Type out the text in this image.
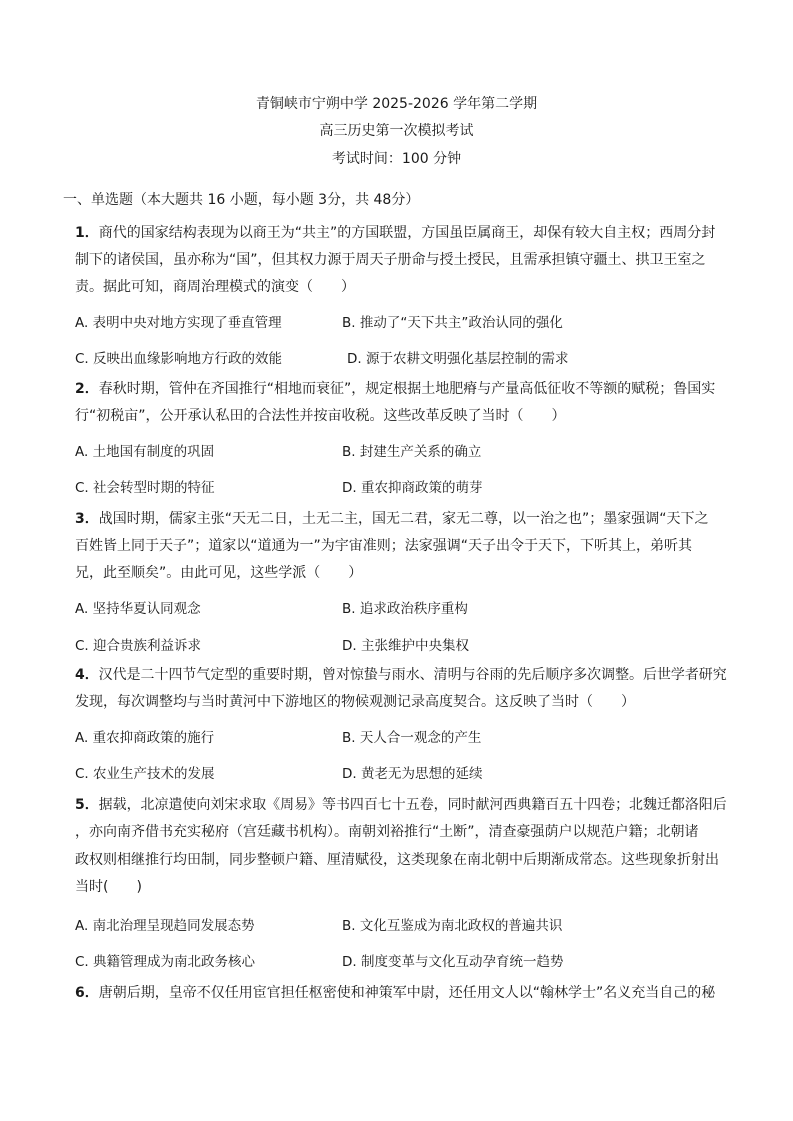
青铜峡市宁朔中学 2025-2026 学年第二学期
高三历史第一次模拟考试
考试时间：100 分钟
一、单选题（本大题共 16 小题，每小题 3分，共 48分）
1．商代的国家结构表现为以商王为“共主”的方国联盟，方国虽臣属商王，却保有较大自主权；西周分封
制下的诸侯国，虽亦称为“国”，但其权力源于周天子册命与授土授民，且需承担镇守疆土、拱卫王室之
责。据此可知，商周治理模式的演变（　　）
A. 表明中央对地方实现了垂直管理	B. 推动了“天下共主”政治认同的强化
C. 反映出血缘影响地方行政的效能	D. 源于农耕文明强化基层控制的需求
2．春秋时期，管仲在齐国推行“相地而衰征”，规定根据土地肥瘠与产量高低征收不等额的赋税；鲁国实
行“初税亩”，公开承认私田的合法性并按亩收税。这些改革反映了当时（　　）
A. 土地国有制度的巩固	B. 封建生产关系的确立
C. 社会转型时期的特征	D. 重农抑商政策的萌芽
3．战国时期，儒家主张“天无二日，土无二主，国无二君，家无二尊，以一治之也”；墨家强调“天下之
百姓皆上同于天子”；道家以“道通为一”为宇宙准则；法家强调“天子出令于天下，下听其上，弟听其
兄，此至顺矣”。由此可见，这些学派（　　）
A. 坚持华夏认同观念	B. 追求政治秩序重构
C. 迎合贵族利益诉求	D. 主张维护中央集权
4．汉代是二十四节气定型的重要时期，曾对惊蛰与雨水、清明与谷雨的先后顺序多次调整。后世学者研究
发现，每次调整均与当时黄河中下游地区的物候观测记录高度契合。这反映了当时（　　）
A. 重农抑商政策的施行	B. 天人合一观念的产生
C. 农业生产技术的发展	D. 黄老无为思想的延续
5．据载，北凉遣使向刘宋求取《周易》等书四百七十五卷，同时献河西典籍百五十四卷；北魏迁都洛阳后
，亦向南齐借书充实秘府（宫廷藏书机构）。南朝刘裕推行“土断”，清查豪强荫户以规范户籍；北朝诸
政权则相继推行均田制，同步整顿户籍、厘清赋役，这类现象在南北朝中后期渐成常态。这些现象折射出
当时(　　)
A. 南北治理呈现趋同发展态势	B. 文化互鉴成为南北政权的普遍共识
C. 典籍管理成为南北政务核心	D. 制度变革与文化互动孕育统一趋势
6．唐朝后期，皇帝不仅任用宦官担任枢密使和神策军中尉，还任用文人以“翰林学士”名义充当自己的秘
